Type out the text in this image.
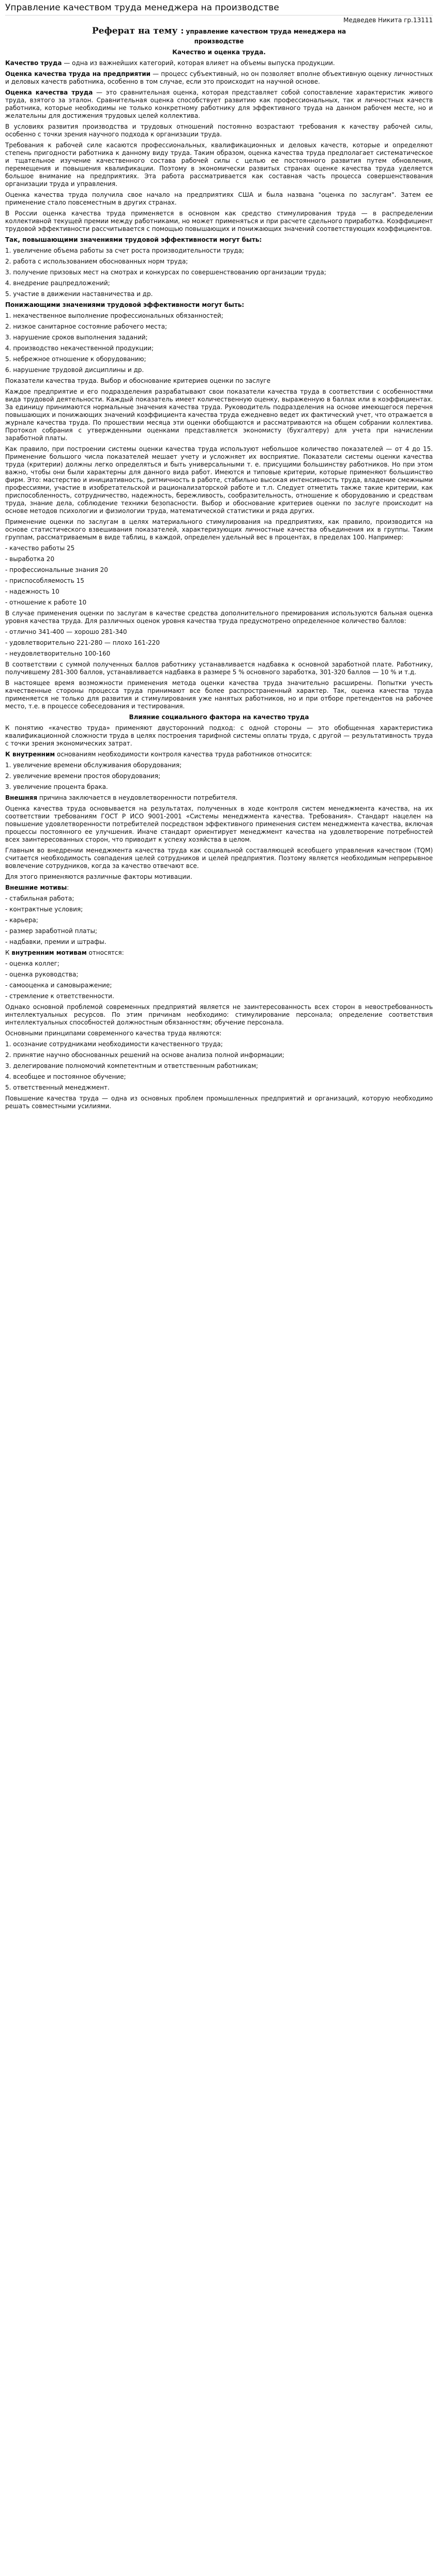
Управление качеством труда менеджера на производстве
Медведев Никита гр.13111
Реферат на тему : управление качеством труда менеджера на
производстве
Качество и оценка труда.

Качество труда — одна из важнейших категорий, которая влияет на объемы выпуска продукции.

Оценка качества труда на предприятии — процесс субъективный, но он позволяет вполне объективную оценку личностных и деловых качеств работника, особенно в том случае, если это происходит на научной основе.

Оценка качества труда — это сравнительная оценка, которая представляет собой сопоставление характеристик живого труда, взятого за эталон. Сравнительная оценка способствует развитию как профессиональных, так и личностных качеств работника, которые необходимы не только конкретному работнику для эффективного труда на данном рабочем месте, но и желательны для достижения трудовых целей коллектива.

В условиях развития производства и трудовых отношений постоянно возрастают требования к качеству рабочей силы, особенно с точки зрения научного подхода к организации труда.

Требования к рабочей силе касаются профессиональных, квалификационных и деловых качеств, которые и определяют степень пригодности работника к данному виду труда. Таким образом, оценка качества труда предполагает систематическое и тщательное изучение качественного состава рабочей силы с целью ее постоянного развития путем обновления, перемещения и повышения квалификации. Поэтому в экономически развитых странах оценке качества труда уделяется большое внимание на предприятиях. Эта работа рассматривается как составная часть процесса совершенствования организации труда и управления.

Оценка качества труда получила свое начало на предприятиях США и была названа "оценка по заслугам". Затем ее применение стало повсеместным в других странах.

В России оценка качества труда применяется в основном как средство стимулирования труда — в распределении коллективной текущей премии между работниками, но может применяться и при расчете сдельного приработка. Коэффициент трудовой эффективности рассчитывается с помощью повышающих и понижающих значений соответствующих коэффициентов.

Так, повышающими значениями трудовой эффективности могут быть:

1. увеличение объема работы за счет роста производительности труда;

2. работа с использованием обоснованных норм труда;

3. получение призовых мест на смотрах и конкурсах по совершенствованию организации труда;

4. внедрение рацпредложений;

5. участие в движении наставничества и др.

Понижающими значениями трудовой эффективности могут быть:

1. некачественное выполнение профессиональных обязанностей;

2. низкое санитарное состояние рабочего места;

3. нарушение сроков выполнения заданий;

4. производство некачественной продукции;

5. небрежное отношение к оборудованию;

6. нарушение трудовой дисциплины и др.

Показатели качества труда. Выбор и обоснование критериев оценки по заслуге

Каждое предприятие и его подразделения разрабатывают свои показатели качества труда в соответствии с особенностями вида трудовой деятельности. Каждый показатель имеет количественную оценку, выраженную в баллах или в коэффициентах. За единицу принимаются нормальные значения качества труда. Руководитель подразделения на основе имеющегося перечня повышающих и понижающих значений коэффициента качества труда ежедневно ведет их фактический учет, что отражается в журнале качества труда. По прошествии месяца эти оценки обобщаются и рассматриваются на общем собрании коллектива. Протокол собрания с утвержденными оценками представляется экономисту (бухгалтеру) для учета при начислении заработной платы.

Как правило, при построении системы оценки качества труда используют небольшое количество показателей — от 4 до 15. Применение большого числа показателей мешает учету и усложняет их восприятие. Показатели системы оценки качества труда (критерии) должны легко определяться и быть универсальными т. е. присущими большинству работников. Но при этом важно, чтобы они были характерны для данного вида работ. Имеются и типовые критерии, которые применяют большинство фирм. Это: мастерство и инициативность, ритмичность в работе, стабильно высокая интенсивность труда, владение смежными профессиями, участие в изобретательской и рационализаторской работе и т.п. Следует отметить также такие критерии, как приспособленность, сотрудничество, надежность, бережливость, сообразительность, отношение к оборудованию и средствам труда, знание дела, соблюдение техники безопасности. Выбор и обоснование критериев оценки по заслуге происходит на основе методов психологии и физиологии труда, математической статистики и ряда других.

Применение оценки по заслугам в целях материального стимулирования на предприятиях, как правило, производится на основе статистического взвешивания показателей, характеризующих личностные качества объединения их в группы. Таким группам, рассматриваемым в виде таблиц, в каждой, определен удельный вес в процентах, в пределах 100. Например:

- качество работы 25

- выработка 20

- профессиональные знания 20

- приспособляемость 15

- надежность 10

- отношение к работе 10

В случае применения оценки по заслугам в качестве средства дополнительного премирования используются бальная оценка уровня качества труда. Для различных оценок уровня качества труда предусмотрено определенное количество баллов:

- отлично 341-400 — хорошо 281-340

- удовлетворительно 221-280 — плохо 161-220

- неудовлетворительно 100-160

В соответствии с суммой полученных баллов работнику устанавливается надбавка к основной заработной плате. Работнику, получившему 281-300 баллов, устанавливается надбавка в размере 5 % основного заработка, 301-320 баллов — 10 % и т.д.

В настоящее время возможности применения метода оценки качества труда значительно расширены. Попытки учесть качественные стороны процесса труда принимают все более распространенный характер. Так, оценка качества труда применяется не только для развития и стимулирования уже нанятых работников, но и при отборе претендентов на рабочее место, т.е. в процессе собеседования и тестирования.

Влияние социального фактора на качество труда

К понятию «качество труда» применяют двусторонний подход: с одной стороны — это обобщенная характеристика квалификационной сложности труда в целях построения тарифной системы оплаты труда, с другой — результативность труда с точки зрения экономических затрат.

К внутренним основаниям необходимости контроля качества труда работников относится:

1. увеличение времени обслуживания оборудования;

2. увеличение времени простоя оборудования;

3. увеличение процента брака.

Внешняя причина заключается в неудовлетворенности потребителя.

Оценка качества труда основывается на результатах, полученных в ходе контроля систем менеджмента качества, на их соответствии требованиям ГОСТ Р ИСО 9001-2001 «Системы менеджмента качества. Требования». Стандарт нацелен на повышение удовлетворенности потребителей посредством эффективного применения систем менеджмента качества, включая процессы постоянного ее улучшения. Иначе стандарт ориентирует менеджмент качества на удовлетворение потребностей всех заинтересованных сторон, что приводит к успеху хозяйства в целом.

Главным во внедрении менеджмента качества труда как социальной составляющей всеобщего управления качеством (ТQМ) считается необходимость совпадения целей сотрудников и целей предприятия. Поэтому является необходимым непрерывное вовлечение сотрудников, когда за качество отвечают все.

Для этого применяются различные факторы мотивации.

Внешние мотивы:

- стабильная работа;

- контрактные условия;

- карьера;

- размер заработной платы;

- надбавки, премии и штрафы.

К внутренним мотивам относятся:

- оценка коллег;

- оценка руководства;

- самооценка и самовыражение;

- стремление к ответственности.

Однако основной проблемой современных предприятий является не заинтересованность всех сторон в невостребованность интеллектуальных ресурсов. По этим причинам необходимо: стимулирование персонала; определение соответствия интеллектуальных способностей должностным обязанностям; обучение персонала.

Основными принципами современного качества труда являются:

1. осознание сотрудниками необходимости качественного труда;

2. принятие научно обоснованных решений на основе анализа полной информации;

3. делегирование полномочий компетентным и ответственным работникам;

4. всеобщее и постоянное обучение;

5. ответственный менеджмент.

Повышение качества труда — одна из основных проблем промышленных предприятий и организаций, которую необходимо решать совместными усилиями.
